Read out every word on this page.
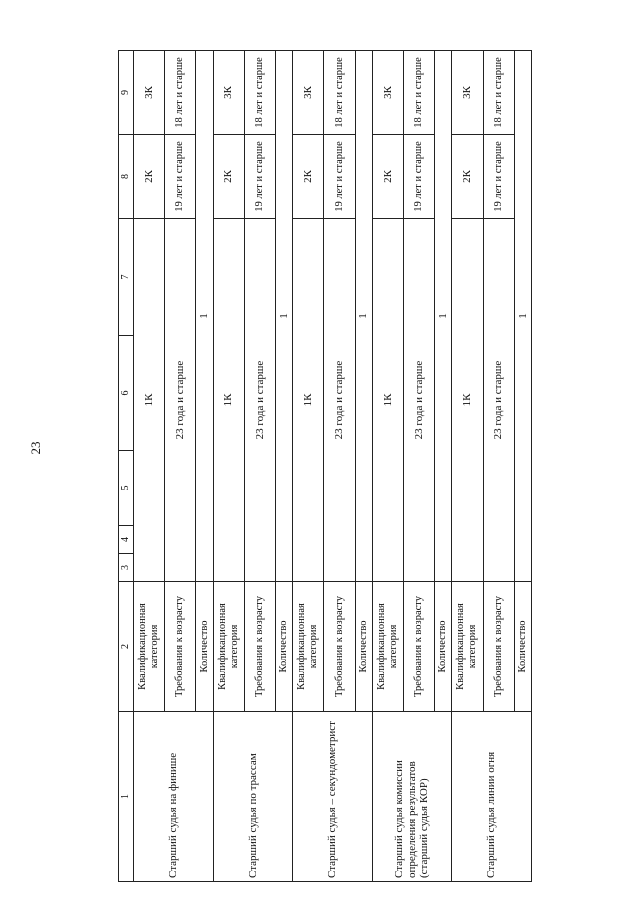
23
1	2	3	4	5	6	7	8	9
Старший судья на финише	Квалификационная категория	1К					2К	3К
	Требования к возрасту	23 года и старше					19 лет и старше	18 лет и старше
	Количество	1						
Старший судья по трассам	Квалификационная категория	1К					2К	3К
	Требования к возрасту	23 года и старше					19 лет и старше	18 лет и старше
	Количество	1						
Старший судья – секундометрист	Квалификационная категория	1К					2К	3К
	Требования к возрасту	23 года и старше					19 лет и старше	18 лет и старше
	Количество	1						
Старший судья комиссии определения результатов (старший судья КОР)	Квалификационная категория	1К					2К	3К
	Требования к возрасту	23 года и старше					19 лет и старше	18 лет и старше
	Количество	1						
Старший судья линии огня	Квалификационная категория	1К					2К	3К
	Требования к возрасту	23 года и старше					19 лет и старше	18 лет и старше
	Количество	1						
